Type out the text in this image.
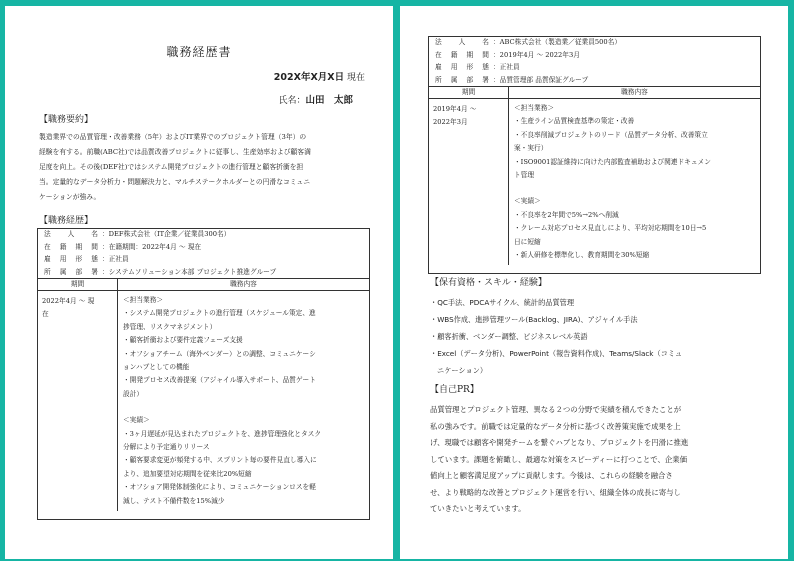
職務経歴書
202X年X月X日 現在
氏名：山田　太郎
【職務要約】
製造業界での品質管理・改善業務（5年）およびIT業界でのプロジェクト管理（3年）の
経験を有する。前職(ABC社)では品質改善プロジェクトに従事し、生産効率および顧客満
足度を向上。その後(DEF社)ではシステム開発プロジェクトの進行管理と顧客折衝を担
当。定量的なデータ分析力・問題解決力と、マルチステークホルダーとの円滑なコミュニ
ケーションが強み。
【職務経歴】
法人名 ：DEF株式会社（IT企業／従業員300名）
在籍期間 ：在籍期間：2022年4月 〜 現在
雇用形態 ：正社員
所属部署 ：システムソリューション本部 プロジェクト推進グループ
期間	職務内容
2022年4月 〜 現
在
＜担当業務＞
・システム開発プロジェクトの進行管理（スケジュール策定、進
捗管理、リスクマネジメント）
・顧客折衝および要件定義フェーズ支援
・オフショアチーム（海外ベンダー）との調整、コミュニケーシ
ョンハブとしての機能
・開発プロセス改善提案（アジャイル導入サポート、品質ゲート
設計）
＜実績＞
・3ヶ月遅延が見込まれたプロジェクトを、進捗管理強化とタスク
分解により予定通りリリース
・顧客要求変更が頻発する中、スプリント毎の要件見直し導入に
より、追加要望対応期間を従来比20%短縮
・オフショア開発体制強化により、コミュニケーションロスを軽
減し、テスト不備件数を15%減少
法人名 ：ABC株式会社（製造業／従業員500名）
在籍期間 ：2019年4月 〜 2022年3月
雇用形態 ：正社員
所属部署 ：品質管理部 品質保証グループ
期間	職務内容
2019年4月 〜
2022年3月
＜担当業務＞
・生産ライン品質検査基準の策定・改善
・不良率削減プロジェクトのリード（品質データ分析、改善策立
案・実行）
・ISO9001認証維持に向けた内部監査補助および関連ドキュメン
ト管理
＜実績＞
・不良率を2年間で5%→2%へ削減
・クレーム対応プロセス見直しにより、平均対応期間を10日→5
日に短縮
・新人研修を標準化し、教育期間を30%短縮
【保有資格・スキル・経験】
・QC手法、PDCAサイクル、統計的品質管理
・WBS作成、進捗管理ツール(Backlog、JIRA)、アジャイル手法
・顧客折衝、ベンダー調整、ビジネスレベル英語
・Excel（データ分析)、PowerPoint（報告資料作成)、Teams/Slack（コミュ
ニケーション）
【自己PR】
品質管理とプロジェクト管理、異なる２つの分野で実績を積んできたことが
私の強みです。前職では定量的なデータ分析に基づく改善策実施で成果を上
げ、現職では顧客や開発チームを繋ぐハブとなり、プロジェクトを円滑に推進
しています。課題を俯瞰し、最適な対策をスピーディーに打つことで、企業価
値向上と顧客満足度アップに貢献します。今後は、これらの経験を融合さ
せ、より戦略的な改善とプロジェクト運営を行い、組織全体の成長に寄与し
ていきたいと考えています。
